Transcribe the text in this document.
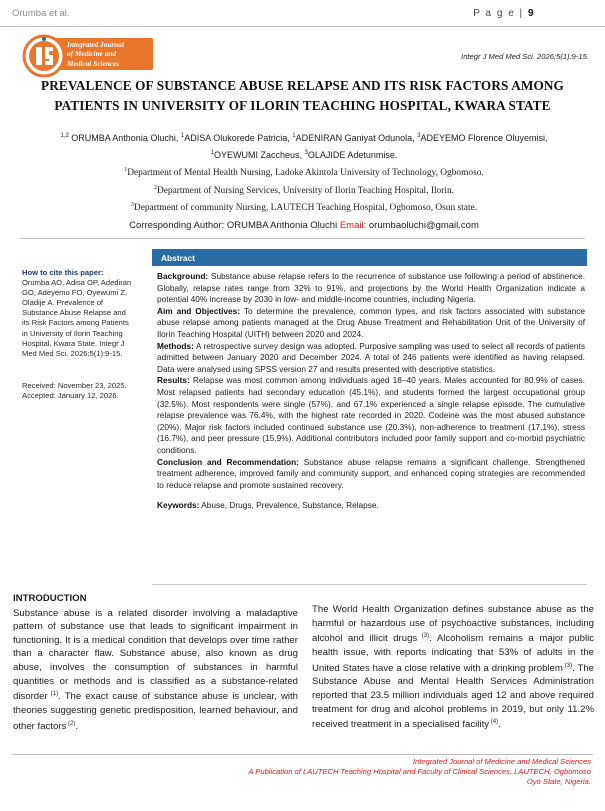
Orumba et al.	P a g e | 9
Integrated Journal
of Medicine and
Medical Sciences
Integr J Med Med Sci. 2026;5(1):9-15.
PREVALENCE OF SUBSTANCE ABUSE RELAPSE AND ITS RISK FACTORS AMONG
PATIENTS IN UNIVERSITY OF ILORIN TEACHING HOSPITAL, KWARA STATE
$^{1,2}$ ORUMBA Anthonia Oluchi, $^1$ADISA Olukorede Patricia, $^1$ADENIRAN Ganiyat Odunola, $^3$ADEYEMO Florence Oluyemisi,
$^1$OYEWUMI Zaccheus, $^3$OLAJIDE Adetunmise.
$^1$Department of Mental Health Nursing, Ladoke Akintola University of Technology, Ogbomoso.
$^2$Department of Nursing Services, University of Ilorin Teaching Hospital, Ilorin.
$^3$Department of community Nursing, LAUTECH Teaching Hospital, Ogbomoso, Osun state.
Corresponding Author: ORUMBA Anthonia Oluchi Email: orumbaoluchi@gmail.com
How to cite this paper:
Orumba AO, Adisa OP, Adediran GO, Adeyemo FO, Oyewumi Z, Oladije A. Prevalence of Substance Abuse Relapse and its Risk Factors among Patients in University of Ilorin Teaching Hospital, Kwara State. Integr J Med Med Sci. 2026;5(1):9-15.
Received: November 23, 2025.
Accepted: January 12, 2026.
Abstract

Background: Substance abuse relapse refers to the recurrence of substance use following a period of abstinence. Globally, relapse rates range from 32% to 91%, and projections by the World Health Organization indicate a potential 40% increase by 2030 in low- and middle-income countries, including Nigeria.

Aim and Objectives: To determine the prevalence, common types, and risk factors associated with substance abuse relapse among patients managed at the Drug Abuse Treatment and Rehabilitation Unit of the University of Ilorin Teaching Hospital (UITH) between 2020 and 2024.

Methods: A retrospective survey design was adopted. Purposive sampling was used to select all records of patients admitted between January 2020 and December 2024. A total of 246 patients were identified as having relapsed. Data were analysed using SPSS version 27 and results presented with descriptive statistics.

Results: Relapse was most common among individuals aged 18–40 years. Males accounted for 80.9% of cases. Most relapsed patients had secondary education (45.1%), and students formed the largest occupational group (32.5%). Most respondents were single (57%), and 67.1% experienced a single relapse episode. The cumulative relapse prevalence was 76.4%, with the highest rate recorded in 2020. Codeine was the most abused substance (20%). Major risk factors included continued substance use (20.3%), non-adherence to treatment (17.1%), stress (16.7%), and peer pressure (15.9%). Additional contributors included poor family support and co-morbid psychiatric conditions.

Conclusion and Recommendation: Substance abuse relapse remains a significant challenge. Strengthened treatment adherence, improved family and community support, and enhanced coping strategies are recommended to reduce relapse and promote sustained recovery.

Keywords: Abuse, Drugs, Prevalence, Substance, Relapse.

INTRODUCTION

Substance abuse is a related disorder involving a maladaptive pattern of substance use that leads to significant impairment in functioning. It is a medical condition that develops over time rather than a character flaw. Substance abuse, also known as drug abuse, involves the consumption of substances in harmful quantities or methods and is classified as a substance-related disorder $^{(1)}$. The exact cause of substance abuse is unclear, with theories suggesting genetic predisposition, learned behaviour, and other factors $^{(2)}$.

The World Health Organization defines substance abuse as the harmful or hazardous use of psychoactive substances, including alcohol and illicit drugs $^{(3)}$. Alcoholism remains a major public health issue, with reports indicating that 53% of adults in the United States have a close relative with a drinking problem $^{(3)}$. The Substance Abuse and Mental Health Services Administration reported that 23.5 million individuals aged 12 and above required treatment for drug and alcohol problems in 2019, but only 11.2% received treatment in a specialised facility $^{(4)}$.

Integrated Journal of Medicine and Medical Sciences
A Publication of LAUTECH Teaching Hospital and Faculty of Clinical Sciences, LAUTECH, Ogbomoso
Oyo State, Nigeria.
